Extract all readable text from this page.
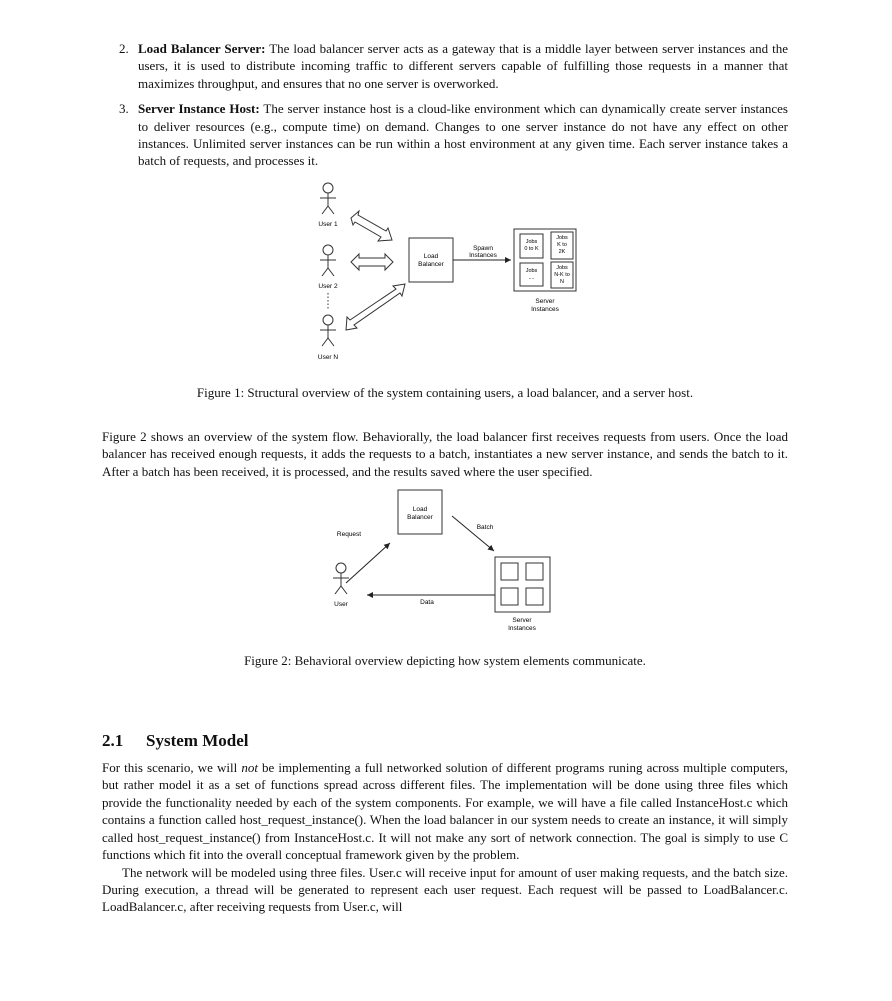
2. Load Balancer Server: The load balancer server acts as a gateway that is a middle layer between server instances and the users, it is used to distribute incoming traffic to different servers capable of fulfilling those requests in a manner that maximizes throughput, and ensures that no one server is overworked.

3. Server Instance Host: The server instance host is a cloud-like environment which can dynamically create server instances to deliver resources (e.g., compute time) on demand. Changes to one server instance do not have any effect on other instances. Unlimited server instances can be run within a host environment at any given time. Each server instance takes a batch of requests, and processes it.

User 1
User 2
User N
Load
Balancer
Spawn
Instances
Jobs
0 to K
Jobs
K to
2K
Jobs
....
Jobs
N-K to
N
Server
Instances

Figure 1: Structural overview of the system containing users, a load balancer, and a server host.

Figure 2 shows an overview of the system flow. Behaviorally, the load balancer first receives requests from users. Once the load balancer has received enough requests, it adds the requests to a batch, instantiates a new server instance, and sends the batch to it. After a batch has been received, it is processed, and the results saved where the user specified.

Load
Balancer
Request
Batch
User
Server
Instances
Data

Figure 2: Behavioral overview depicting how system elements communicate.

2.1 System Model

For this scenario, we will not be implementing a full networked solution of different programs runing across multiple computers, but rather model it as a set of functions spread across different files. The implementation will be done using three files which provide the functionality needed by each of the system components. For example, we will have a file called InstanceHost.c which contains a function called host_request_instance(). When the load balancer in our system needs to create an instance, it will simply called host_request_instance() from InstanceHost.c. It will not make any sort of network connection. The goal is simply to use C functions which fit into the overall conceptual framework given by the problem.

The network will be modeled using three files. User.c will receive input for amount of user making requests, and the batch size. During execution, a thread will be generated to represent each user request. Each request will be passed to LoadBalancer.c. LoadBalancer.c, after receiving requests from User.c, will
